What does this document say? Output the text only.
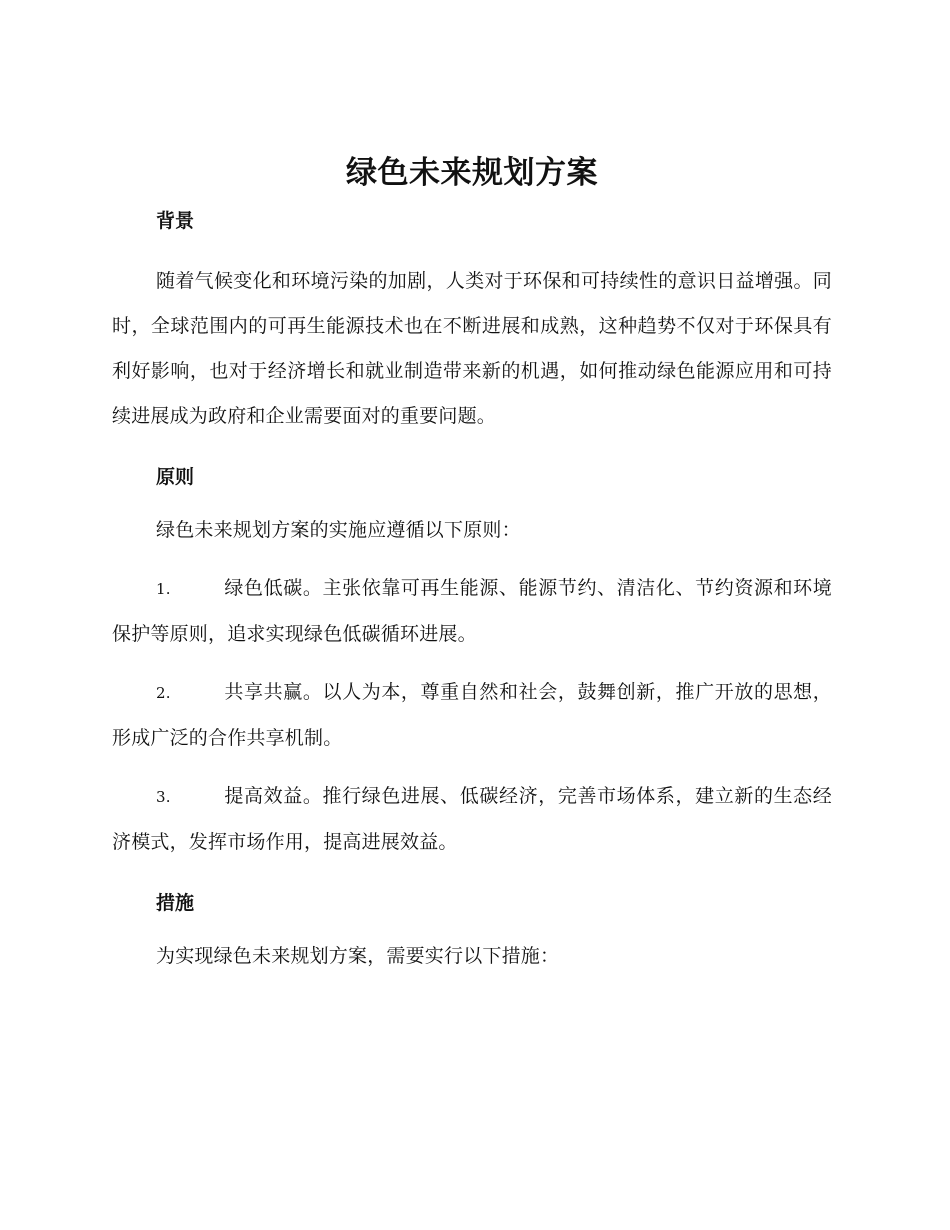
绿色未来规划方案
背景

随着气候变化和环境污染的加剧，人类对于环保和可持续性的意识日益增强。同时，全球范围内的可再生能源技术也在不断进展和成熟，这种趋势不仅对于环保具有利好影响，也对于经济增长和就业制造带来新的机遇，如何推动绿色能源应用和可持续进展成为政府和企业需要面对的重要问题。

原则

绿色未来规划方案的实施应遵循以下原则：

1.	绿色低碳。主张依靠可再生能源、能源节约、清洁化、节约资源和环境保护等原则，追求实现绿色低碳循环进展。

2.	共享共赢。以人为本，尊重自然和社会，鼓舞创新，推广开放的思想，形成广泛的合作共享机制。

3.	提高效益。推行绿色进展、低碳经济，完善市场体系，建立新的生态经济模式，发挥市场作用，提高进展效益。

措施

为实现绿色未来规划方案，需要实行以下措施：
